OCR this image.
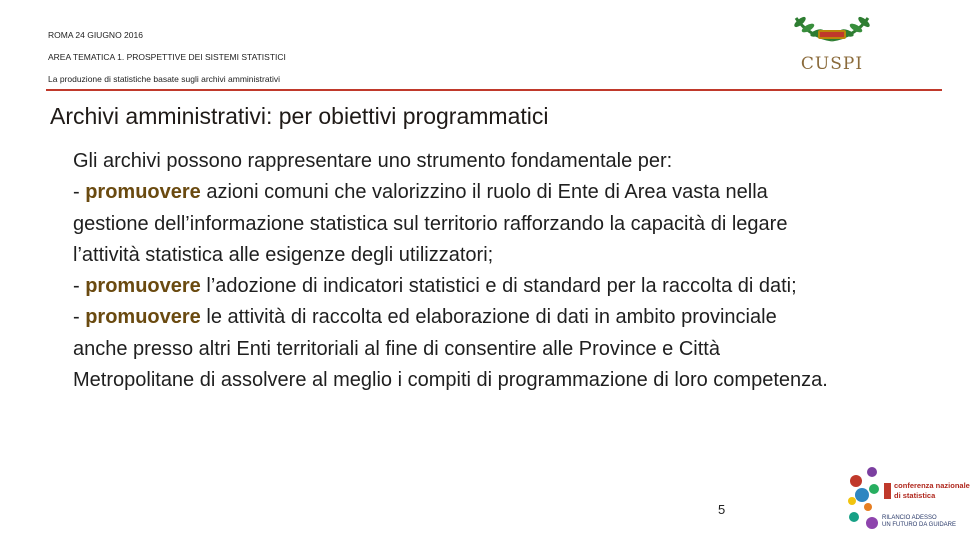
ROMA 24 GIUGNO 2016
AREA TEMATICA 1. PROSPETTIVE DEI SISTEMI STATISTICI
La produzione di statistiche basate sugli archivi amministrativi
CUSPI
Archivi amministrativi: per obiettivi programmatici

Gli archivi possono rappresentare uno strumento fondamentale per:

- promuovere azioni comuni che valorizzino il ruolo di Ente di Area vasta nella gestione dell’informazione statistica sul territorio rafforzando la capacità di legare l’attività statistica alle esigenze degli utilizzatori;

- promuovere l’adozione di indicatori statistici e di standard per la raccolta di dati;

- promuovere le attività di raccolta ed elaborazione di dati in ambito provinciale anche presso altri Enti territoriali al fine di consentire alle Province e Città Metropolitane di assolvere al meglio i compiti di programmazione di loro competenza.

5
conferenza nazionale
di statistica
RILANCIO ADESSO
UN FUTURO DA GUIDARE
